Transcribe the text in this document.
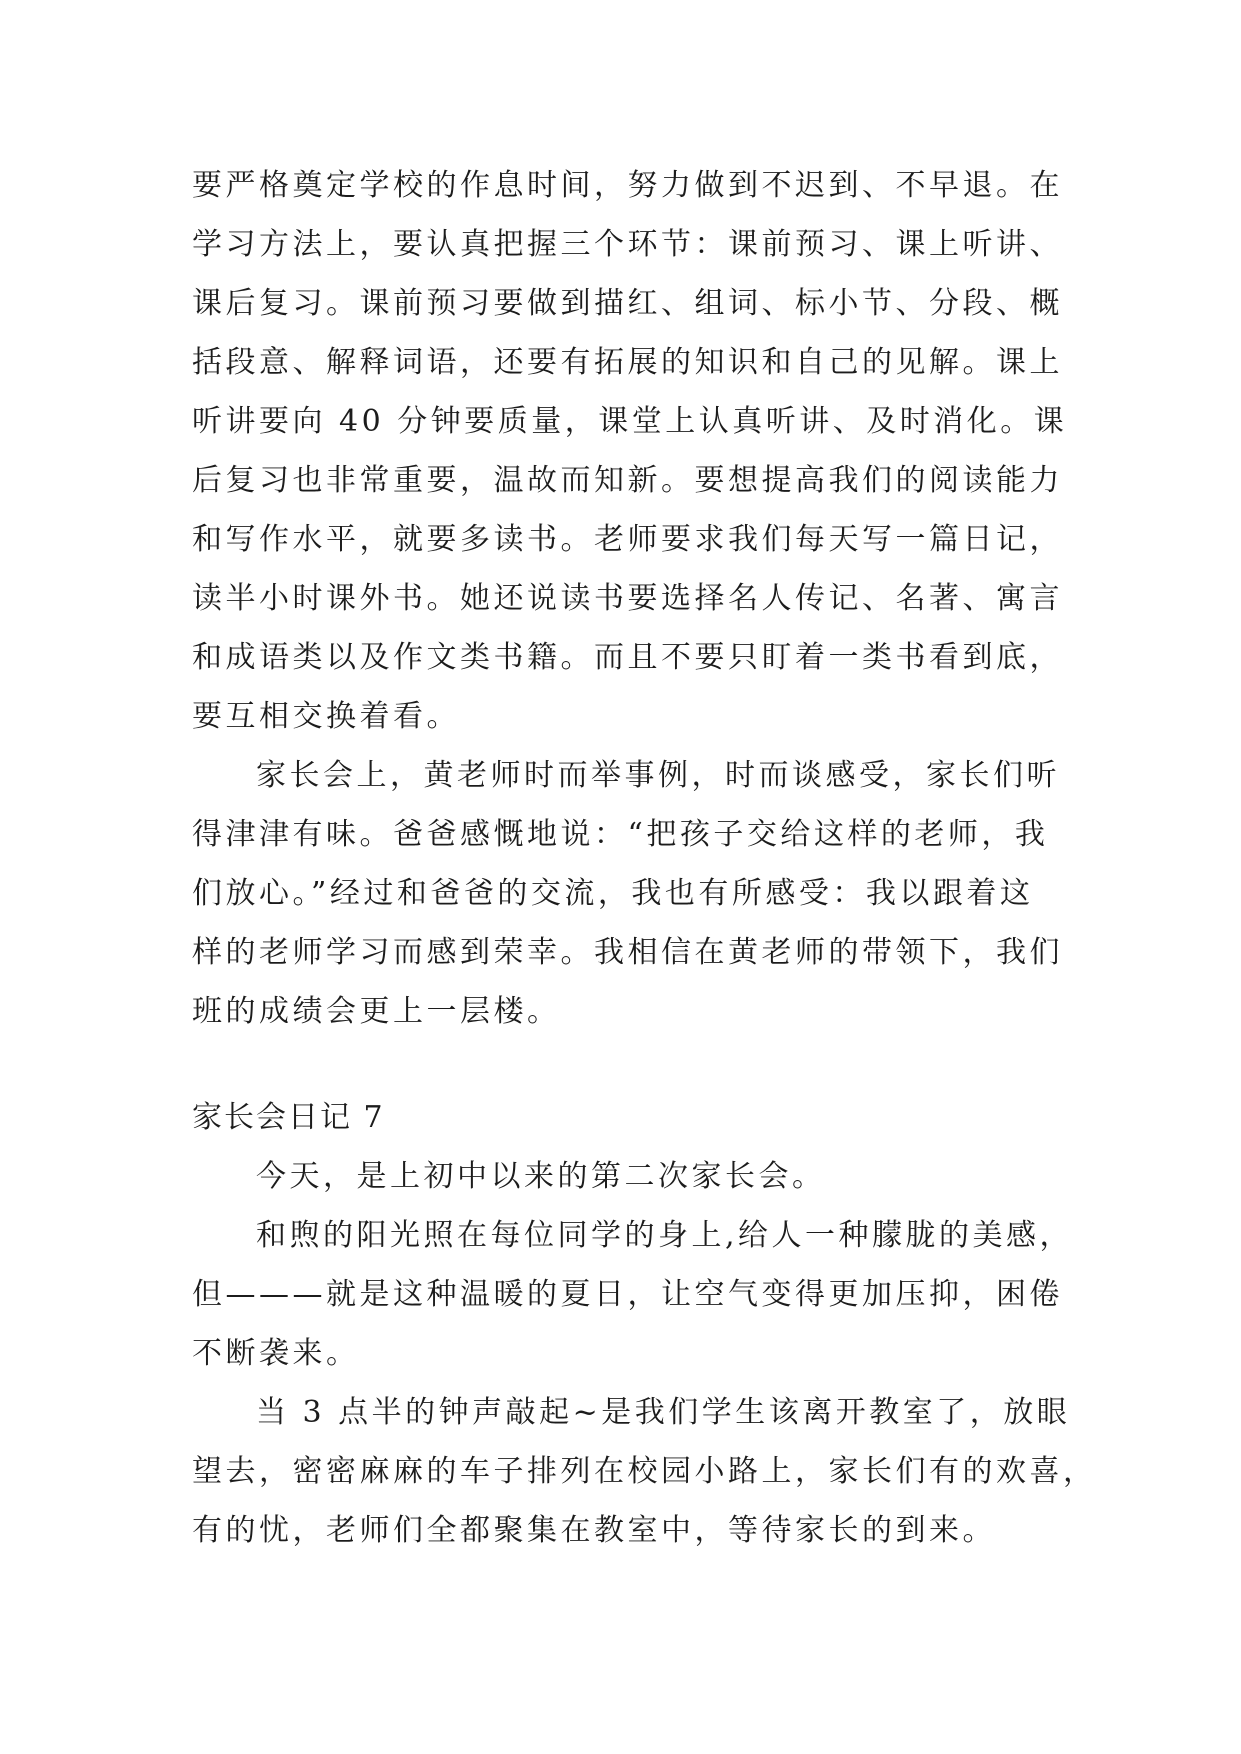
要严格奠定学校的作息时间，努力做到不迟到、不早退。在
学习方法上，要认真把握三个环节：课前预习、课上听讲、
课后复习。课前预习要做到描红、组词、标小节、分段、概
括段意、解释词语，还要有拓展的知识和自己的见解。课上
听讲要向 40 分钟要质量，课堂上认真听讲、及时消化。课
后复习也非常重要，温故而知新。要想提高我们的阅读能力
和写作水平，就要多读书。老师要求我们每天写一篇日记，
读半小时课外书。她还说读书要选择名人传记、名著、寓言
和成语类以及作文类书籍。而且不要只盯着一类书看到底，
要互相交换着看。
家长会上，黄老师时而举事例，时而谈感受，家长们听
得津津有味。爸爸感慨地说：“把孩子交给这样的老师，我
们放心。”经过和爸爸的交流，我也有所感受：我以跟着这
样的老师学习而感到荣幸。我相信在黄老师的带领下，我们
班的成绩会更上一层楼。
家长会日记 7
今天，是上初中以来的第二次家长会。
和煦的阳光照在每位同学的身上,给人一种朦胧的美感，
但———就是这种温暖的夏日，让空气变得更加压抑，困倦
不断袭来。
当 3 点半的钟声敲起~是我们学生该离开教室了，放眼
望去，密密麻麻的车子排列在校园小路上，家长们有的欢喜，
有的忧，老师们全都聚集在教室中，等待家长的到来。
